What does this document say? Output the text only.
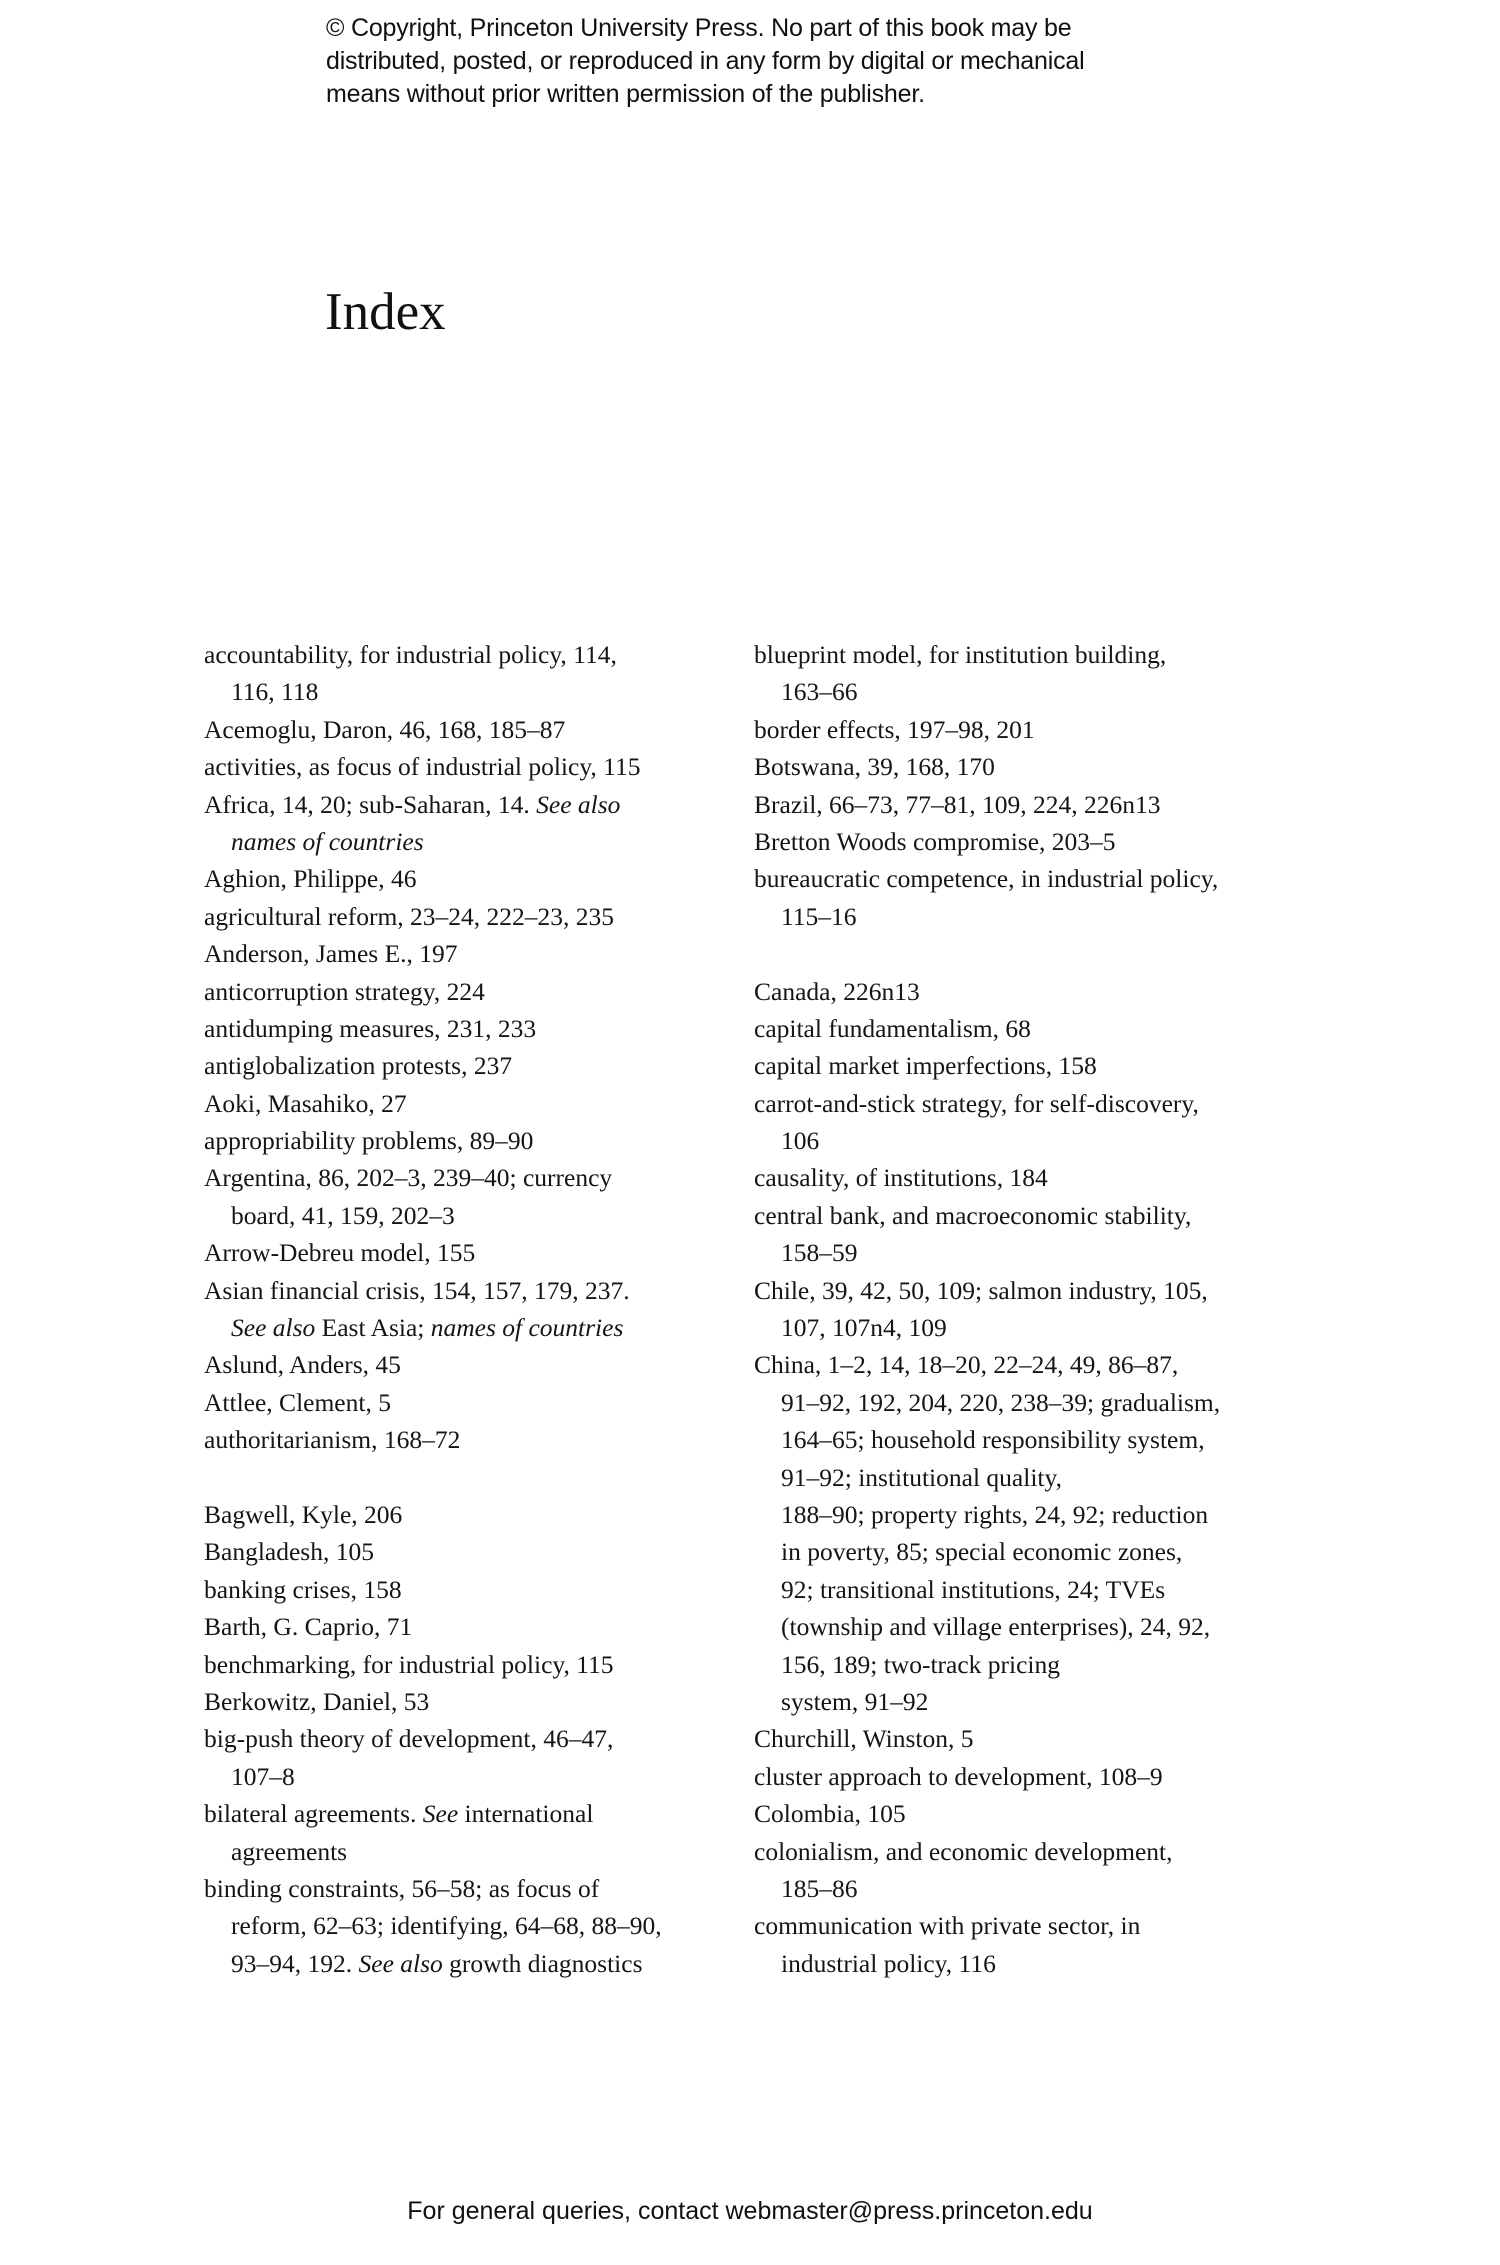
© Copyright, Princeton University Press. No part of this book may be
distributed, posted, or reproduced in any form by digital or mechanical
means without prior written permission of the publisher.
Index
accountability, for industrial policy, 114,
116, 118
Acemoglu, Daron, 46, 168, 185–87
activities, as focus of industrial policy, 115
Africa, 14, 20; sub-Saharan, 14. See also
names of countries
Aghion, Philippe, 46
agricultural reform, 23–24, 222–23, 235
Anderson, James E., 197
anticorruption strategy, 224
antidumping measures, 231, 233
antiglobalization protests, 237
Aoki, Masahiko, 27
appropriability problems, 89–90
Argentina, 86, 202–3, 239–40; currency
board, 41, 159, 202–3
Arrow-Debreu model, 155
Asian financial crisis, 154, 157, 179, 237.
See also East Asia; names of countries
Aslund, Anders, 45
Attlee, Clement, 5
authoritarianism, 168–72
Bagwell, Kyle, 206
Bangladesh, 105
banking crises, 158
Barth, G. Caprio, 71
benchmarking, for industrial policy, 115
Berkowitz, Daniel, 53
big-push theory of development, 46–47,
107–8
bilateral agreements. See international
agreements
binding constraints, 56–58; as focus of
reform, 62–63; identifying, 64–68, 88–90,
93–94, 192. See also growth diagnostics
blueprint model, for institution building,
163–66
border effects, 197–98, 201
Botswana, 39, 168, 170
Brazil, 66–73, 77–81, 109, 224, 226n13
Bretton Woods compromise, 203–5
bureaucratic competence, in industrial policy,
115–16
Canada, 226n13
capital fundamentalism, 68
capital market imperfections, 158
carrot-and-stick strategy, for self-discovery,
106
causality, of institutions, 184
central bank, and macroeconomic stability,
158–59
Chile, 39, 42, 50, 109; salmon industry, 105,
107, 107n4, 109
China, 1–2, 14, 18–20, 22–24, 49, 86–87,
91–92, 192, 204, 220, 238–39; gradualism,
164–65; household responsibility system,
91–92; institutional quality,
188–90; property rights, 24, 92; reduction
in poverty, 85; special economic zones,
92; transitional institutions, 24; TVEs
(township and village enterprises), 24, 92,
156, 189; two-track pricing
system, 91–92
Churchill, Winston, 5
cluster approach to development, 108–9
Colombia, 105
colonialism, and economic development,
185–86
communication with private sector, in
industrial policy, 116
For general queries, contact webmaster@press.princeton.edu
